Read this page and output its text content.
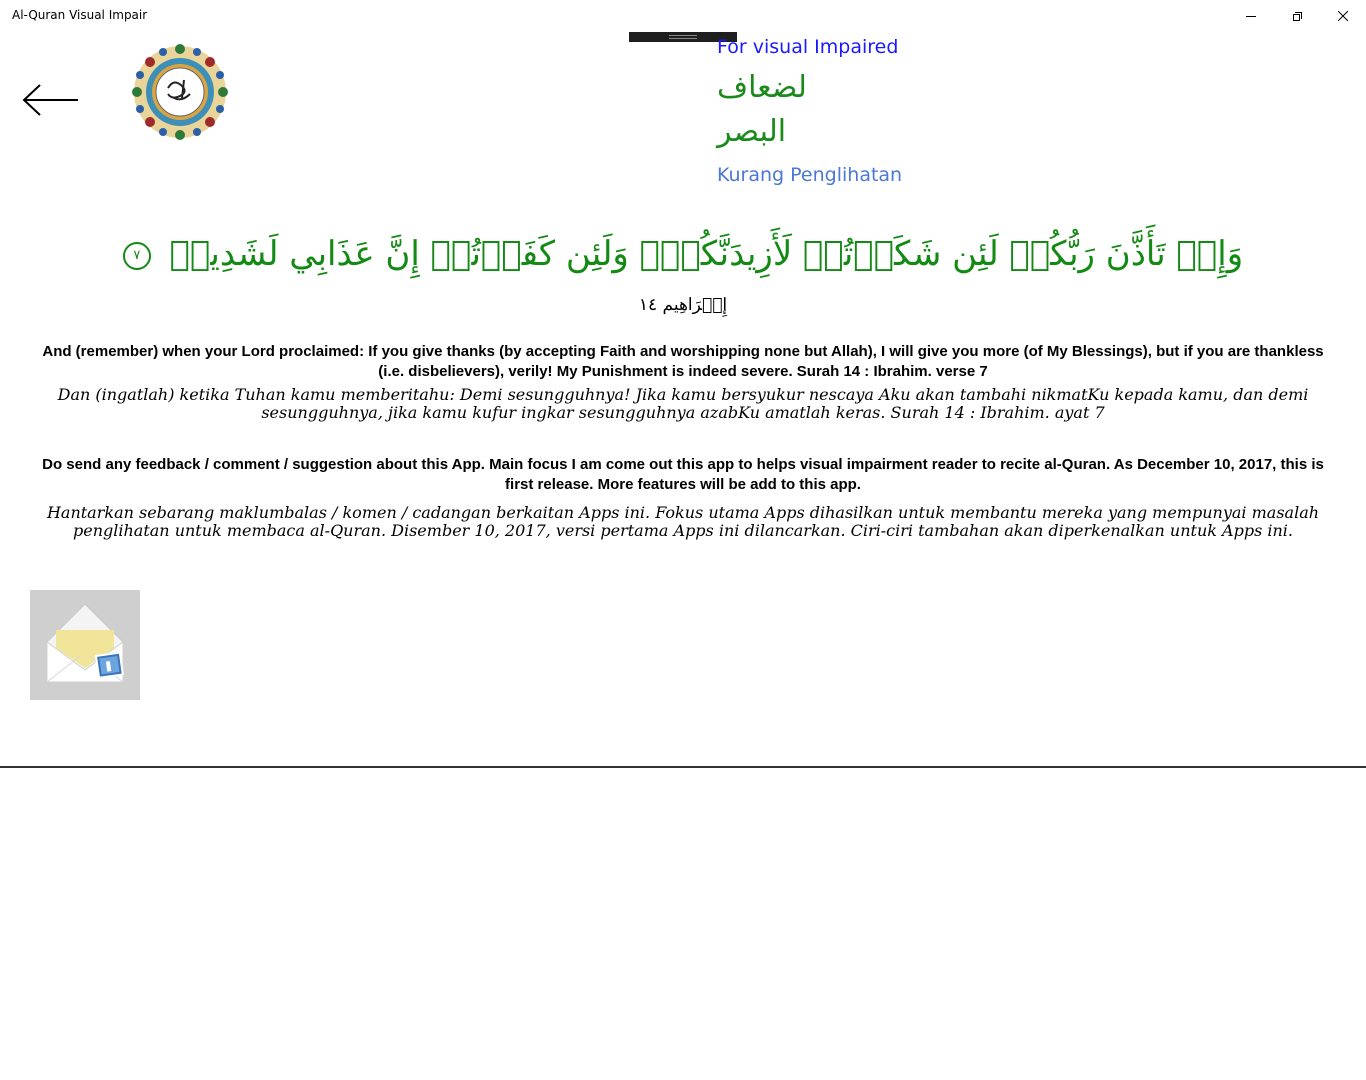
Al-Quran Visual Impair
For visual Impaired
لضعاف البصر
Kurang Penglihatan
وَإِذۡ تَأَذَّنَ رَبُّكُمۡ لَئِن شَكَرۡتُمۡ لَأَزِيدَنَّكُمۡۖ وَلَئِن كَفَرۡتُمۡ إِنَّ عَذَابِي لَشَدِيدٞ ٧
إِبۡرَاهِيم ١٤
And (remember) when your Lord proclaimed: If you give thanks (by accepting Faith and worshipping none but Allah), I will give you more (of My Blessings), but if you are thankless (i.e. disbelievers), verily! My Punishment is indeed severe. Surah 14 : Ibrahim. verse 7
Dan (ingatlah) ketika Tuhan kamu memberitahu: Demi sesungguhnya! Jika kamu bersyukur nescaya Aku akan tambahi nikmatKu kepada kamu, dan demi sesungguhnya, jika kamu kufur ingkar sesungguhnya azabKu amatlah keras. Surah 14 : Ibrahim. ayat 7
Do send any feedback / comment / suggestion about this App. Main focus I am come out this app to helps visual impairment reader to recite al-Quran. As December 10, 2017, this is first release. More features will be add to this app.
Hantarkan sebarang maklumbalas / komen / cadangan berkaitan Apps ini. Fokus utama Apps dihasilkan untuk membantu mereka yang mempunyai masalah penglihatan untuk membaca al-Quran. Disember 10, 2017, versi pertama Apps ini dilancarkan. Ciri-ciri tambahan akan diperkenalkan untuk Apps ini.
